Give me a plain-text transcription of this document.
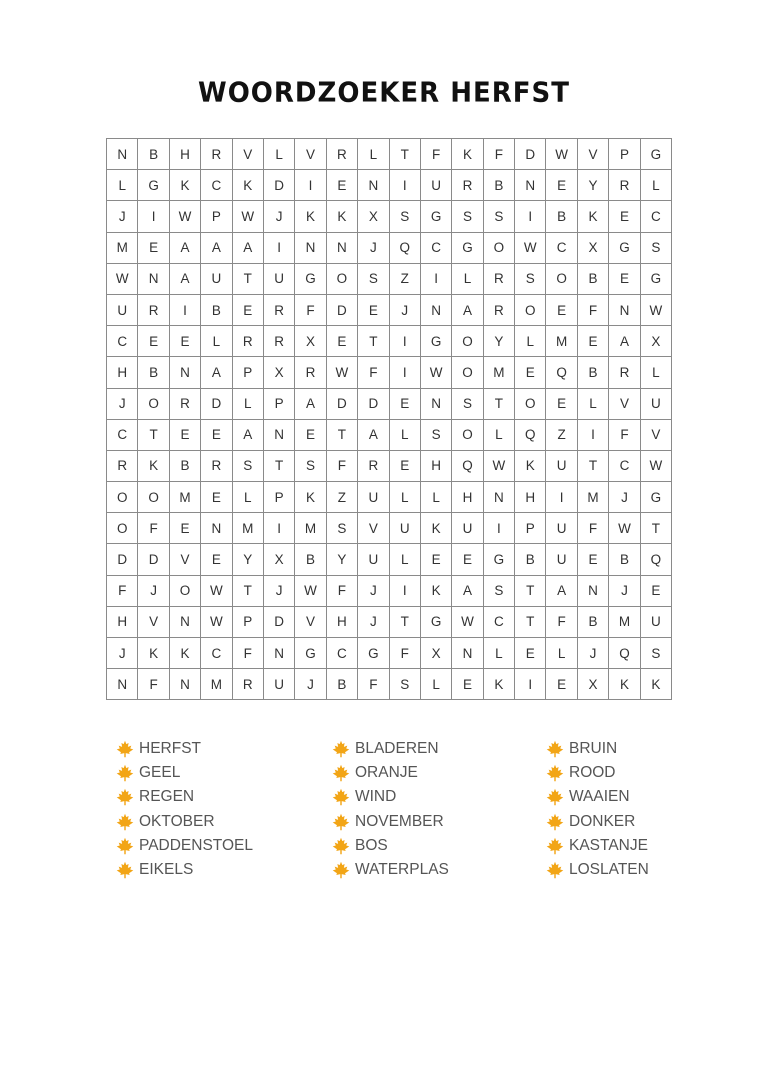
WOORDZOEKER HERFST
N	B	H	R	V	L	V	R	L	T	F	K	F	D	W	V	P	G
L	G	K	C	K	D	I	E	N	I	U	R	B	N	E	Y	R	L
J	I	W	P	W	J	K	K	X	S	G	S	S	I	B	K	E	C
M	E	A	A	A	I	N	N	J	Q	C	G	O	W	C	X	G	S
W	N	A	U	T	U	G	O	S	Z	I	L	R	S	O	B	E	G
U	R	I	B	E	R	F	D	E	J	N	A	R	O	E	F	N	W
C	E	E	L	R	R	X	E	T	I	G	O	Y	L	M	E	A	X
H	B	N	A	P	X	R	W	F	I	W	O	M	E	Q	B	R	L
J	O	R	D	L	P	A	D	D	E	N	S	T	O	E	L	V	U
C	T	E	E	A	N	E	T	A	L	S	O	L	Q	Z	I	F	V
R	K	B	R	S	T	S	F	R	E	H	Q	W	K	U	T	C	W
O	O	M	E	L	P	K	Z	U	L	L	H	N	H	I	M	J	G
O	F	E	N	M	I	M	S	V	U	K	U	I	P	U	F	W	T
D	D	V	E	Y	X	B	Y	U	L	E	E	G	B	U	E	B	Q
F	J	O	W	T	J	W	F	J	I	K	A	S	T	A	N	J	E
H	V	N	W	P	D	V	H	J	T	G	W	C	T	F	B	M	U
J	K	K	C	F	N	G	C	G	F	X	N	L	E	L	J	Q	S
N	F	N	M	R	U	J	B	F	S	L	E	K	I	E	X	K	K
HERFST
GEEL
REGEN
OKTOBER
PADDENSTOEL
EIKELS
BLADEREN
ORANJE
WIND
NOVEMBER
BOS
WATERPLAS
BRUIN
ROOD
WAAIEN
DONKER
KASTANJE
LOSLATEN
